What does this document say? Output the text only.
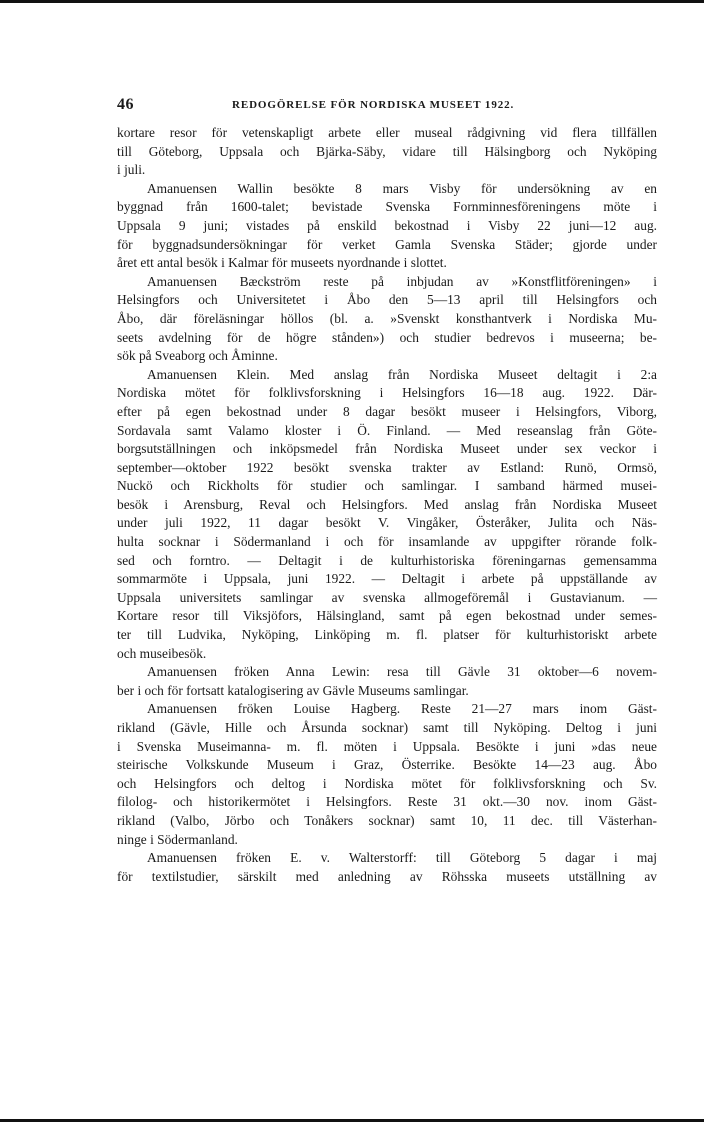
46	REDOGÖRELSE FÖR NORDISKA MUSEET 1922.
kortare resor för vetenskapligt arbete eller museal rådgivning vid flera tillfällen
till Göteborg, Uppsala och Bjärka-Säby, vidare till Hälsingborg och Nyköping
i juli.
Amanuensen Wallin besökte 8 mars Visby för undersökning av en
byggnad från 1600-talet; bevistade Svenska Fornminnesföreningens möte i
Uppsala 9 juni; vistades på enskild bekostnad i Visby 22 juni—12 aug.
för byggnadsundersökningar för verket Gamla Svenska Städer; gjorde under
året ett antal besök i Kalmar för museets nyordnande i slottet.
Amanuensen Bæckström reste på inbjudan av »Konstflitföreningen» i
Helsingfors och Universitetet i Åbo den 5—13 april till Helsingfors och
Åbo, där föreläsningar höllos (bl. a. »Svenskt konsthantverk i Nordiska Mu-
seets avdelning för de högre stånden») och studier bedrevos i museerna; be-
sök på Sveaborg och Åminne.
Amanuensen Klein. Med anslag från Nordiska Museet deltagit i 2:a
Nordiska mötet för folklivsforskning i Helsingfors 16—18 aug. 1922. Där-
efter på egen bekostnad under 8 dagar besökt museer i Helsingfors, Viborg,
Sordavala samt Valamo kloster i Ö. Finland. — Med reseanslag från Göte-
borgsutställningen och inköpsmedel från Nordiska Museet under sex veckor i
september—oktober 1922 besökt svenska trakter av Estland: Runö, Ormsö,
Nuckö och Rickholts för studier och samlingar. I samband härmed musei-
besök i Arensburg, Reval och Helsingfors. Med anslag från Nordiska Museet
under juli 1922, 11 dagar besökt V. Vingåker, Österåker, Julita och Näs-
hulta socknar i Södermanland i och för insamlande av uppgifter rörande folk-
sed och forntro. — Deltagit i de kulturhistoriska föreningarnas gemensamma
sommarmöte i Uppsala, juni 1922. — Deltagit i arbete på uppställande av
Uppsala universitets samlingar av svenska allmogeföremål i Gustavianum. —
Kortare resor till Viksjöfors, Hälsingland, samt på egen bekostnad under semes-
ter till Ludvika, Nyköping, Linköping m. fl. platser för kulturhistoriskt arbete
och museibesök.
Amanuensen fröken Anna Lewin: resa till Gävle 31 oktober—6 novem-
ber i och för fortsatt katalogisering av Gävle Museums samlingar.
Amanuensen fröken Louise Hagberg. Reste 21—27 mars inom Gäst-
rikland (Gävle, Hille och Årsunda socknar) samt till Nyköping. Deltog i juni
i Svenska Museimanna- m. fl. möten i Uppsala. Besökte i juni »das neue
steirische Volkskunde Museum i Graz, Österrike. Besökte 14—23 aug. Åbo
och Helsingfors och deltog i Nordiska mötet för folklivsforskning och Sv.
filolog- och historikermötet i Helsingfors. Reste 31 okt.—30 nov. inom Gäst-
rikland (Valbo, Jörbo och Tonåkers socknar) samt 10, 11 dec. till Västerhan-
ninge i Södermanland.
Amanuensen fröken E. v. Walterstorff: till Göteborg 5 dagar i maj
för textilstudier, särskilt med anledning av Röhsska museets utställning av
